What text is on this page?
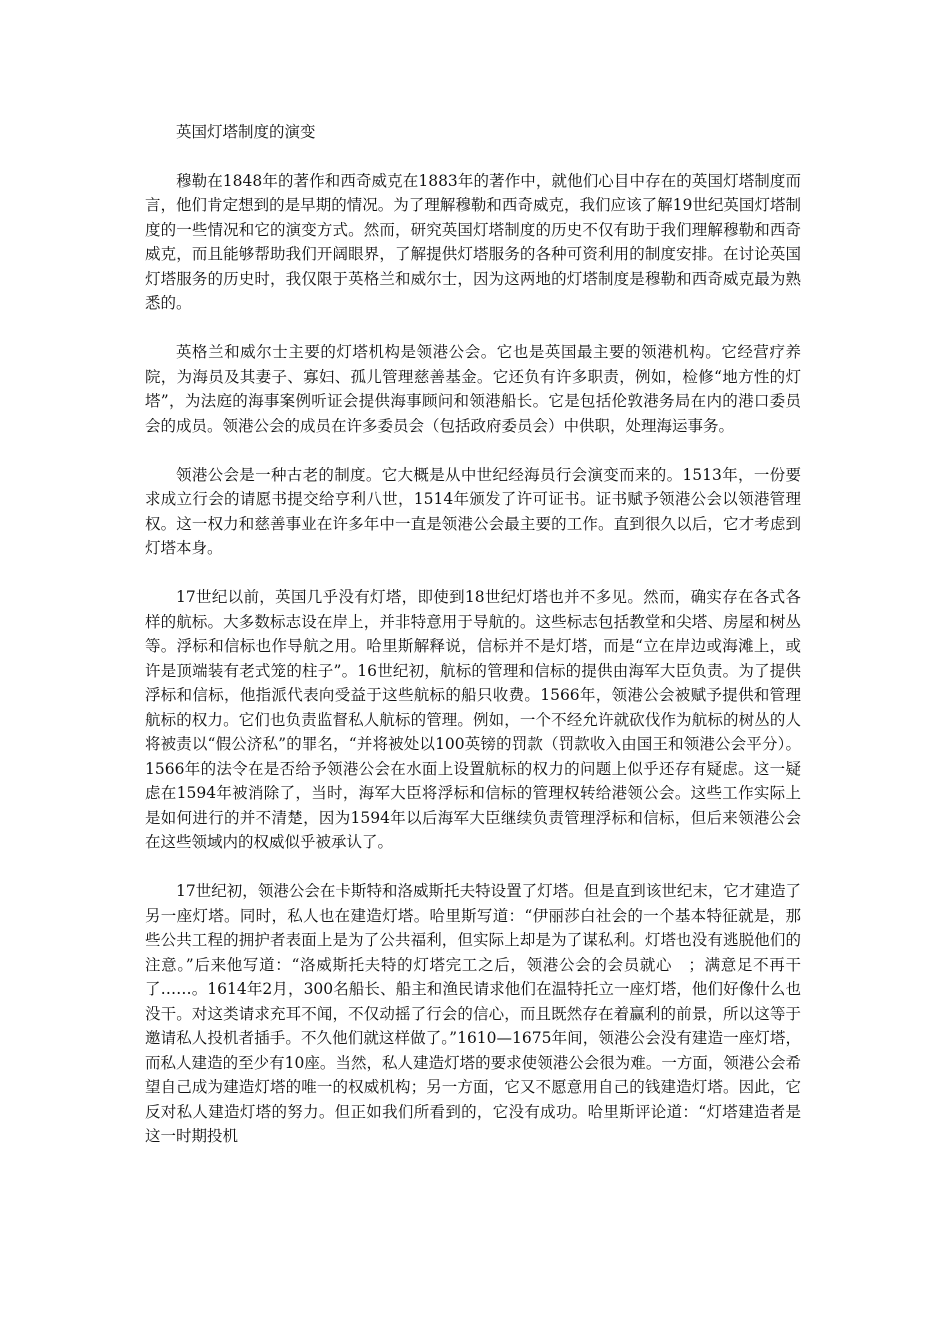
英国灯塔制度的演变

穆勒在1848年的著作和西奇威克在1883年的著作中，就他们心目中存在的英国灯塔制度而言，他们肯定想到的是早期的情况。为了理解穆勒和西奇威克，我们应该了解19世纪英国灯塔制度的一些情况和它的演变方式。然而，研究英国灯塔制度的历史不仅有助于我们理解穆勒和西奇威克，而且能够帮助我们开阔眼界，了解提供灯塔服务的各种可资利用的制度安排。在讨论英国灯塔服务的历史时，我仅限于英格兰和威尔士，因为这两地的灯塔制度是穆勒和西奇威克最为熟悉的。

英格兰和威尔士主要的灯塔机构是领港公会。它也是英国最主要的领港机构。它经营疗养院，为海员及其妻子、寡妇、孤儿管理慈善基金。它还负有许多职责，例如，检修“地方性的灯塔”，为法庭的海事案例听证会提供海事顾问和领港船长。它是包括伦敦港务局在内的港口委员会的成员。领港公会的成员在许多委员会（包括政府委员会）中供职，处理海运事务。

领港公会是一种古老的制度。它大概是从中世纪经海员行会演变而来的。1513年，一份要求成立行会的请愿书提交给亨利八世，1514年颁发了许可证书。证书赋予领港公会以领港管理权。这一权力和慈善事业在许多年中一直是领港公会最主要的工作。直到很久以后，它才考虑到灯塔本身。

17世纪以前，英国几乎没有灯塔，即使到18世纪灯塔也并不多见。然而，确实存在各式各样的航标。大多数标志设在岸上，并非特意用于导航的。这些标志包括教堂和尖塔、房屋和树丛等。浮标和信标也作导航之用。哈里斯解释说，信标并不是灯塔，而是“立在岸边或海滩上，或许是顶端装有老式笼的柱子”。16世纪初，航标的管理和信标的提供由海军大臣负责。为了提供浮标和信标，他指派代表向受益于这些航标的船只收费。1566年，领港公会被赋予提供和管理航标的权力。它们也负责监督私人航标的管理。例如，一个不经允许就砍伐作为航标的树丛的人将被责以“假公济私”的罪名，“并将被处以100英镑的罚款（罚款收入由国王和领港公会平分）。1566年的法令在是否给予领港公会在水面上设置航标的权力的问题上似乎还存有疑虑。这一疑虑在1594年被消除了，当时，海军大臣将浮标和信标的管理权转给港领公会。这些工作实际上是如何进行的并不清楚，因为1594年以后海军大臣继续负责管理浮标和信标，但后来领港公会在这些领域内的权威似乎被承认了。

17世纪初，领港公会在卡斯特和洛威斯托夫特设置了灯塔。但是直到该世纪末，它才建造了另一座灯塔。同时，私人也在建造灯塔。哈里斯写道：“伊丽莎白社会的一个基本特征就是，那些公共工程的拥护者表面上是为了公共福利，但实际上却是为了谋私利。灯塔也没有逃脱他们的注意。”后来他写道：“洛威斯托夫特的灯塔完工之后，领港公会的会员就心　；满意足不再干了……。1614年2月，300名船长、船主和渔民请求他们在温特托立一座灯塔，他们好像什么也没干。对这类请求充耳不闻，不仅动摇了行会的信心，而且既然存在着赢利的前景，所以这等于邀请私人投机者插手。不久他们就这样做了。”1610—1675年间，领港公会没有建造一座灯塔，而私人建造的至少有10座。当然，私人建造灯塔的要求使领港公会很为难。一方面，领港公会希望自己成为建造灯塔的唯一的权威机构；另一方面，它又不愿意用自己的钱建造灯塔。因此，它反对私人建造灯塔的努力。但正如我们所看到的，它没有成功。哈里斯评论道：“灯塔建造者是这一时期投机
